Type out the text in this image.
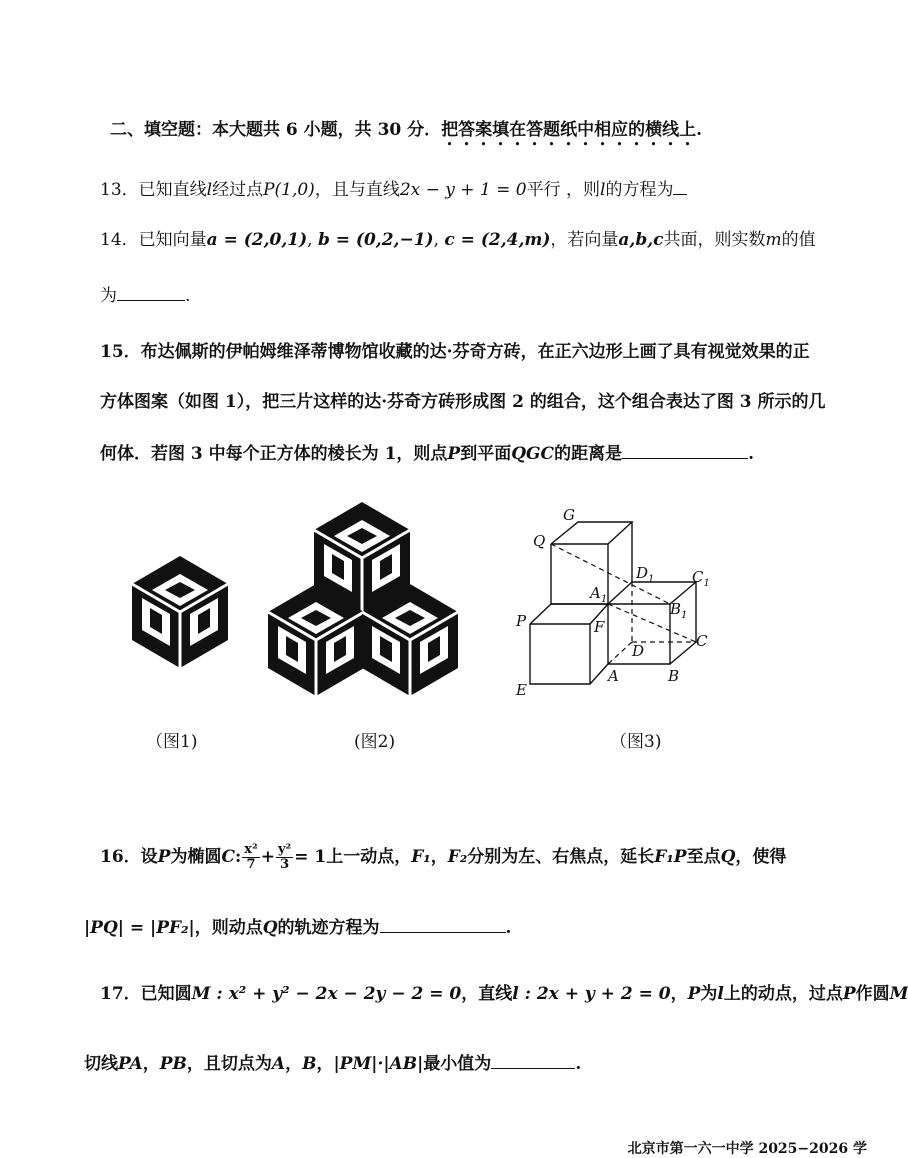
二、填空题：本大题共 6 小题，共 30 分．把答案填在答题纸中相应的横线上.
13．已知直线l经过点P(1,0)，且与直线2x − y + 1 = 0平行 ，则l的方程为
14．已知向量a = (2,0,1), b = (0,2,−1), c = (2,4,m)，若向量a,b,c共面，则实数m的值
为	.
15．布达佩斯的伊帕姆维泽蒂博物馆收藏的达·芬奇方砖，在正六边形上画了具有视觉效果的正
方体图案（如图 1），把三片这样的达·芬奇方砖形成图 2 的组合，这个组合表达了图 3 所示的几
何体．若图 3 中每个正方体的棱长为 1，则点P到平面QGC的距离是	.
G
Q
$D_1$	$C_1$
$A_1$
$B_1$
P	F
C
D
E
A	B
（图1)	(图2)	（图3)
16．设P为椭圆C: $\frac{\text{x²}}{7} + \frac{\text{y²}}{3} = 1$上一动点，F₁，F₂分别为左、右焦点，延长F₁P至点Q，使得
|PQ| = |PF₂|，则动点Q的轨迹方程为	.
17．已知圆M : x² + y² − 2x − 2y − 2 = 0，直线l : 2x + y + 2 = 0，P为l上的动点，过点P作圆M
切线PA，PB，且切点为A，B，|PM|·|AB|最小值为	.
北京市第一六一中学 2025−2026 学
